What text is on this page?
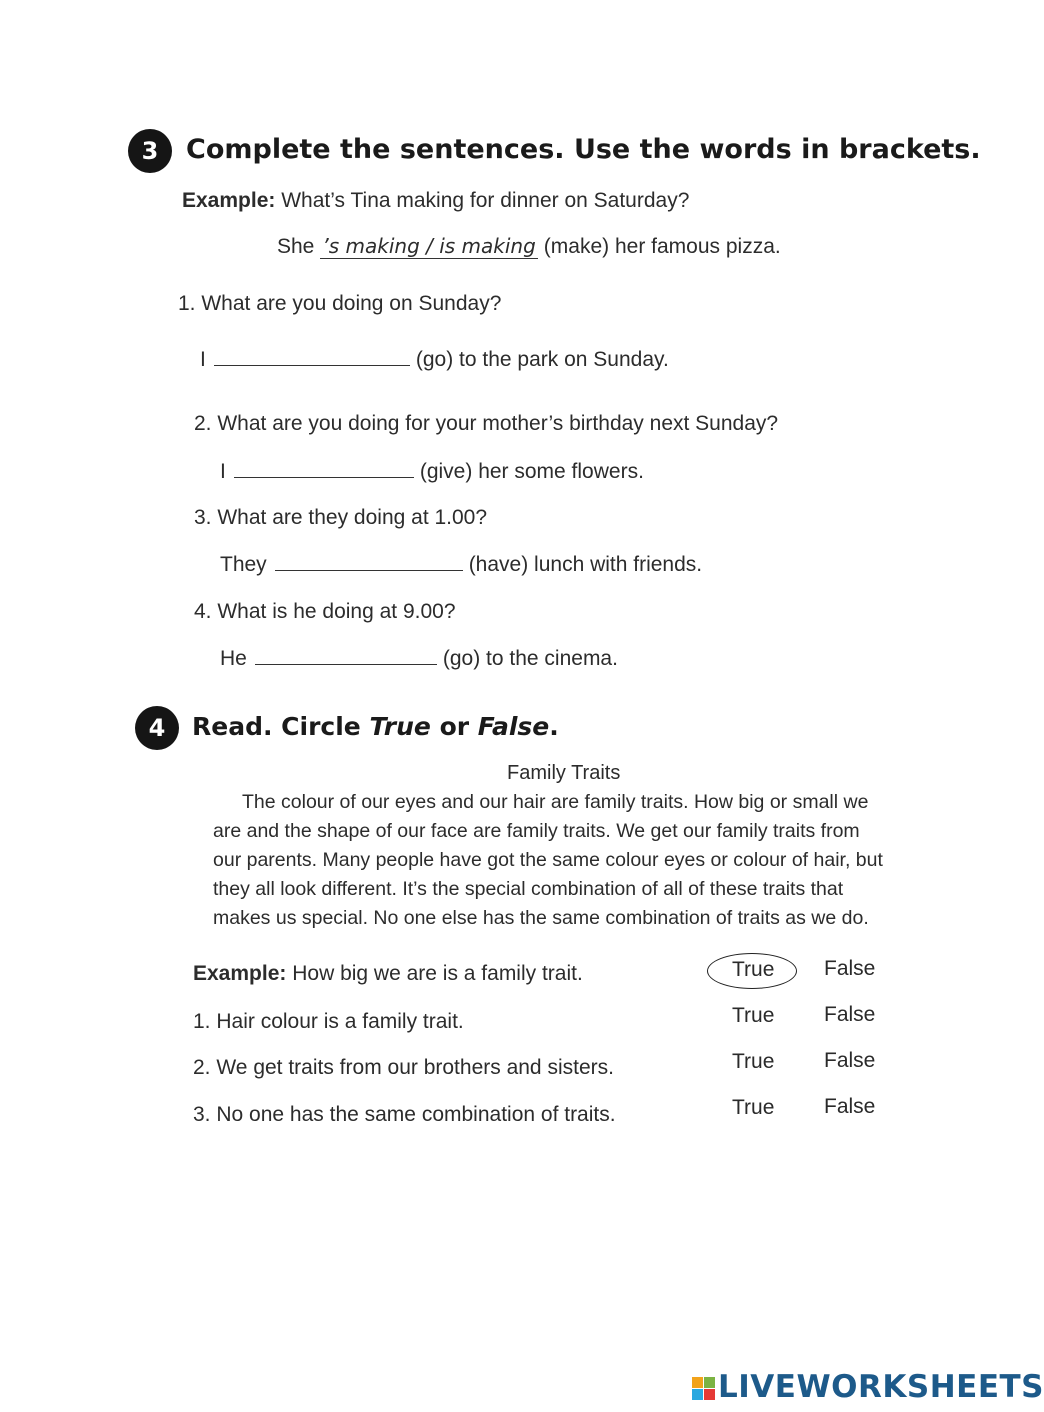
3	Complete the sentences. Use the words in brackets.
Example: What’s Tina making for dinner on Saturday?
She ’s making / is making (make) her famous pizza.
1. What are you doing on Sunday?
I	(go) to the park on Sunday.
2. What are you doing for your mother’s birthday next Sunday?
I	(give) her some flowers.
3. What are they doing at 1.00?
They	(have) lunch with friends.
4. What is he doing at 9.00?
He	(go) to the cinema.
4	Read. Circle True or False.
Family Traits
The colour of our eyes and our hair are family traits. How big or small we
are and the shape of our face are family traits. We get our family traits from
our parents. Many people have got the same colour eyes or colour of hair, but
they all look different. It’s the special combination of all of these traits that
makes us special. No one else has the same combination of traits as we do.
Example: How big we are is a family trait.	True False
1. Hair colour is a family trait.	True False
2. We get traits from our brothers and sisters.	True False
3. No one has the same combination of traits.	True False
LIVEWORKSHEETS
